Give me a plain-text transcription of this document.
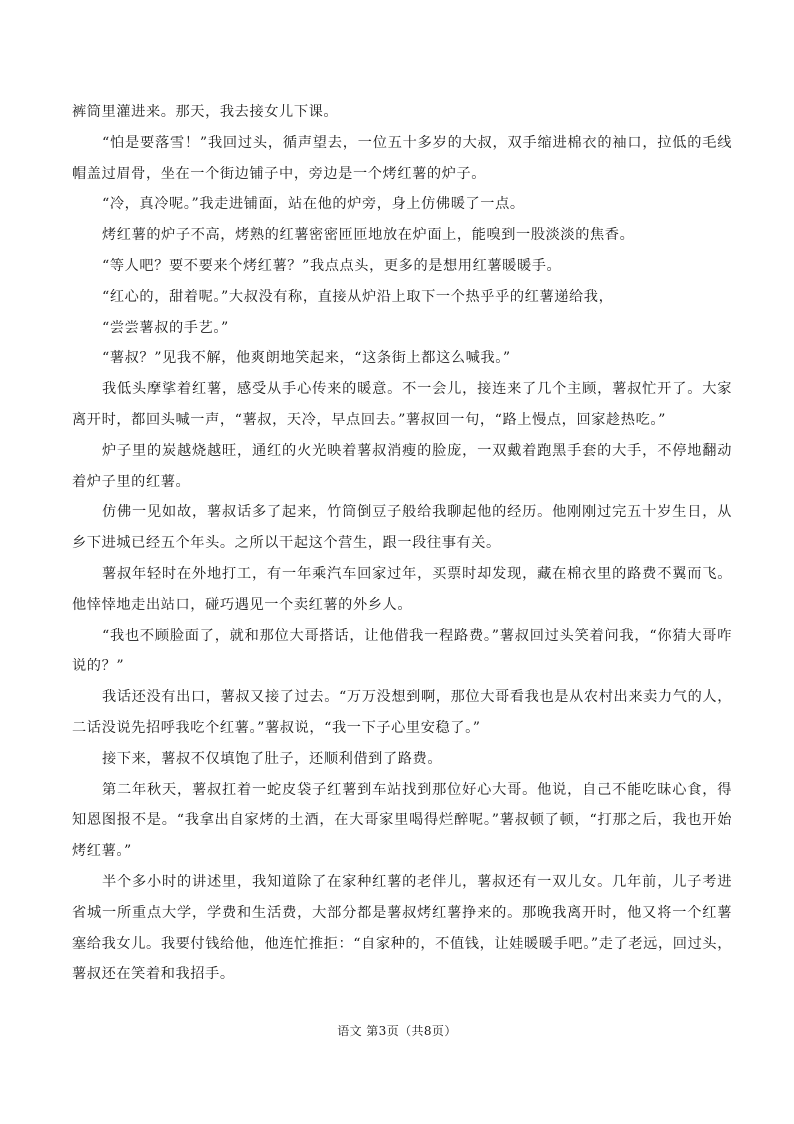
裤筒里灌进来。那天，我去接女儿下课。

“怕是要落雪！”我回过头，循声望去，一位五十多岁的大叔，双手缩进棉衣的袖口，拉低的毛线帽盖过眉骨，坐在一个街边铺子中，旁边是一个烤红薯的炉子。

“冷，真冷呢。”我走进铺面，站在他的炉旁，身上仿佛暖了一点。

烤红薯的炉子不高，烤熟的红薯密密匝匝地放在炉面上，能嗅到一股淡淡的焦香。

“等人吧？要不要来个烤红薯？”我点点头，更多的是想用红薯暖暖手。

“红心的，甜着呢。”大叔没有称，直接从炉沿上取下一个热乎乎的红薯递给我，

“尝尝薯叔的手艺。”

“薯叔？”见我不解，他爽朗地笑起来，“这条街上都这么喊我。”

我低头摩挲着红薯，感受从手心传来的暖意。不一会儿，接连来了几个主顾，薯叔忙开了。大家离开时，都回头喊一声，“薯叔，天冷，早点回去。”薯叔回一句，“路上慢点，回家趁热吃。”

炉子里的炭越烧越旺，通红的火光映着薯叔消瘦的脸庞，一双戴着跑黑手套的大手，不停地翻动着炉子里的红薯。

仿佛一见如故，薯叔话多了起来，竹筒倒豆子般给我聊起他的经历。他刚刚过完五十岁生日，从乡下进城已经五个年头。之所以干起这个营生，跟一段往事有关。

薯叔年轻时在外地打工，有一年乘汽车回家过年，买票时却发现，藏在棉衣里的路费不翼而飞。他悻悻地走出站口，碰巧遇见一个卖红薯的外乡人。

“我也不顾脸面了，就和那位大哥搭话，让他借我一程路费。”薯叔回过头笑着问我，“你猜大哥咋说的？”

我话还没有出口，薯叔又接了过去。“万万没想到啊，那位大哥看我也是从农村出来卖力气的人，二话没说先招呼我吃个红薯。”薯叔说，“我一下子心里安稳了。”

接下来，薯叔不仅填饱了肚子，还顺利借到了路费。

第二年秋天，薯叔扛着一蛇皮袋子红薯到车站找到那位好心大哥。他说，自己不能吃昧心食，得知恩图报不是。“我拿出自家烤的土酒，在大哥家里喝得烂醉呢。”薯叔顿了顿，“打那之后，我也开始烤红薯。”

半个多小时的讲述里，我知道除了在家种红薯的老伴儿，薯叔还有一双儿女。几年前，儿子考进省城一所重点大学，学费和生活费，大部分都是薯叔烤红薯挣来的。那晚我离开时，他又将一个红薯塞给我女儿。我要付钱给他，他连忙推拒：“自家种的，不值钱，让娃暖暖手吧。”走了老远，回过头，薯叔还在笑着和我招手。

语文 第3页（共8页）
